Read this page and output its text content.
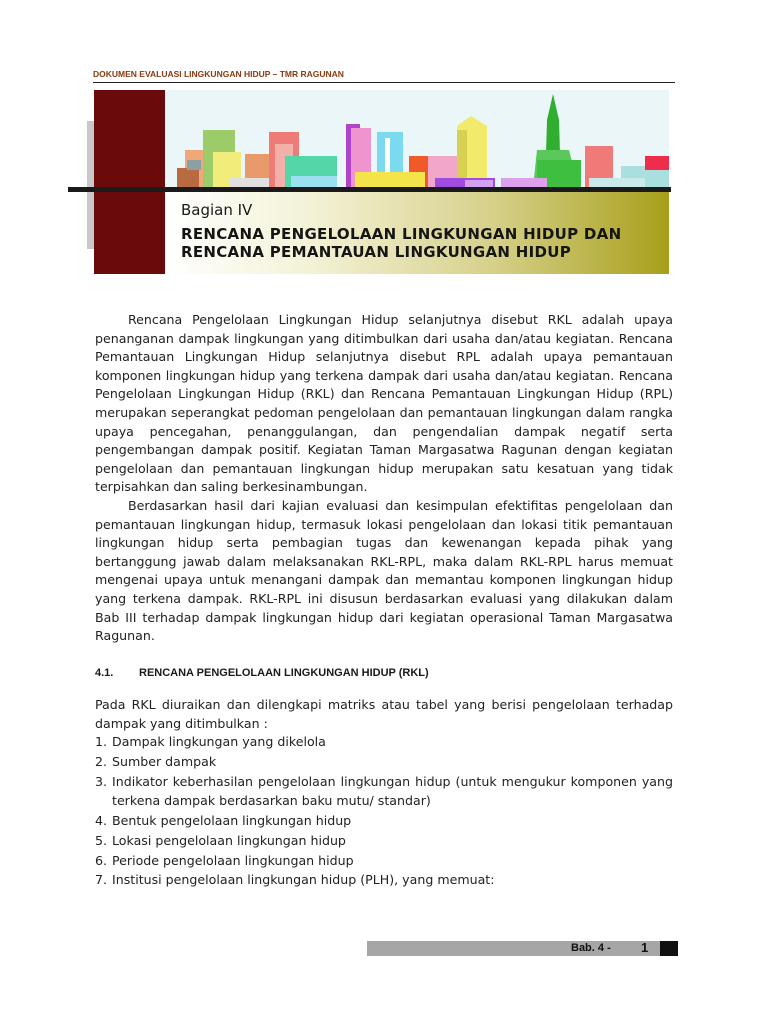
DOKUMEN EVALUASI LINGKUNGAN HIDUP – TMR RAGUNAN
Bagian IV
RENCANA PENGELOLAAN LINGKUNGAN HIDUP DAN RENCANA PEMANTAUAN LINGKUNGAN HIDUP

Rencana Pengelolaan Lingkungan Hidup selanjutnya disebut RKL adalah upaya penanganan dampak lingkungan yang ditimbulkan dari usaha dan/atau kegiatan. Rencana Pemantauan Lingkungan Hidup selanjutnya disebut RPL adalah upaya pemantauan komponen lingkungan hidup yang terkena dampak dari usaha dan/atau kegiatan. Rencana Pengelolaan Lingkungan Hidup (RKL) dan Rencana Pemantauan Lingkungan Hidup (RPL) merupakan seperangkat pedoman pengelolaan dan pemantauan lingkungan dalam rangka upaya pencegahan, penanggulangan, dan pengendalian dampak negatif serta pengembangan dampak positif. Kegiatan Taman Margasatwa Ragunan dengan kegiatan pengelolaan dan pemantauan lingkungan hidup merupakan satu kesatuan yang tidak terpisahkan dan saling berkesinambungan.

Berdasarkan hasil dari kajian evaluasi dan kesimpulan efektifitas pengelolaan dan pemantauan lingkungan hidup, termasuk lokasi pengelolaan dan lokasi titik pemantauan lingkungan hidup serta pembagian tugas dan kewenangan kepada pihak yang bertanggung jawab dalam melaksanakan RKL-RPL, maka dalam RKL-RPL harus memuat mengenai upaya untuk menangani dampak dan memantau komponen lingkungan hidup yang terkena dampak. RKL-RPL ini disusun berdasarkan evaluasi yang dilakukan dalam Bab III terhadap dampak lingkungan hidup dari kegiatan operasional Taman Margasatwa Ragunan.

4.1. RENCANA PENGELOLAAN LINGKUNGAN HIDUP (RKL)

Pada RKL diuraikan dan dilengkapi matriks atau tabel yang berisi pengelolaan terhadap dampak yang ditimbulkan :

1. Dampak lingkungan yang dikelola
2. Sumber dampak
3. Indikator keberhasilan pengelolaan lingkungan hidup (untuk mengukur komponen yang terkena dampak berdasarkan baku mutu/ standar)
4. Bentuk pengelolaan lingkungan hidup
5. Lokasi pengelolaan lingkungan hidup
6. Periode pengelolaan lingkungan hidup
7. Institusi pengelolaan lingkungan hidup (PLH), yang memuat:
Bab. 4 - 1
